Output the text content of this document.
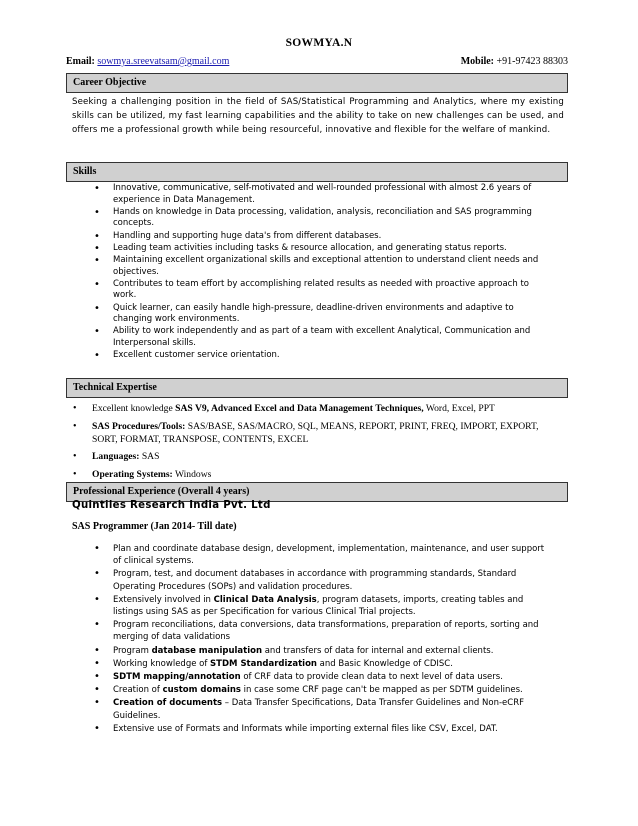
SOWMYA.N
Email: sowmya.sreevatsam@gmail.com	Mobile: +91-97423 88303
Career Objective
Seeking a challenging position in the field of SAS/Statistical Programming and Analytics, where my existing skills can be utilized, my fast learning capabilities and the ability to take on new challenges can be used, and offers me a professional growth while being resourceful, innovative and flexible for the welfare of mankind.
Skills
• Innovative, communicative, self-motivated and well-rounded professional with almost 2.6 years of experience in Data Management.
• Hands on knowledge in Data processing, validation, analysis, reconciliation and SAS programming concepts.
• Handling and supporting huge data's from different databases.
• Leading team activities including tasks & resource allocation, and generating status reports.
• Maintaining excellent organizational skills and exceptional attention to understand client needs and objectives.
• Contributes to team effort by accomplishing related results as needed with proactive approach to work.
• Quick learner, can easily handle high-pressure, deadline-driven environments and adaptive to changing work environments.
• Ability to work independently and as part of a team with excellent Analytical, Communication and Interpersonal skills.
• Excellent customer service orientation.
Technical Expertise
• Excellent knowledge SAS V9, Advanced Excel and Data Management Techniques, Word, Excel, PPT
• SAS Procedures/Tools: SAS/BASE, SAS/MACRO, SQL, MEANS, REPORT, PRINT, FREQ, IMPORT, EXPORT, SORT, FORMAT, TRANSPOSE, CONTENTS, EXCEL
• Languages: SAS
• Operating Systems: Windows
Professional Experience (Overall 4 years)
Quintiles Research India Pvt. Ltd
SAS Programmer (Jan 2014- Till date)
• Plan and coordinate database design, development, implementation, maintenance, and user support of clinical systems.
• Program, test, and document databases in accordance with programming standards, Standard Operating Procedures (SOPs) and validation procedures.
• Extensively involved in Clinical Data Analysis, program datasets, imports, creating tables and listings using SAS as per Specification for various Clinical Trial projects.
• Program reconciliations, data conversions, data transformations, preparation of reports, sorting and merging of data validations
• Program database manipulation and transfers of data for internal and external clients.
• Working knowledge of STDM Standardization and Basic Knowledge of CDISC.
• SDTM mapping/annotation of CRF data to provide clean data to next level of data users.
• Creation of custom domains in case some CRF page can't be mapped as per SDTM guidelines.
• Creation of documents – Data Transfer Specifications, Data Transfer Guidelines and Non-eCRF Guidelines.
• Extensive use of Formats and Informats while importing external files like CSV, Excel, DAT.
